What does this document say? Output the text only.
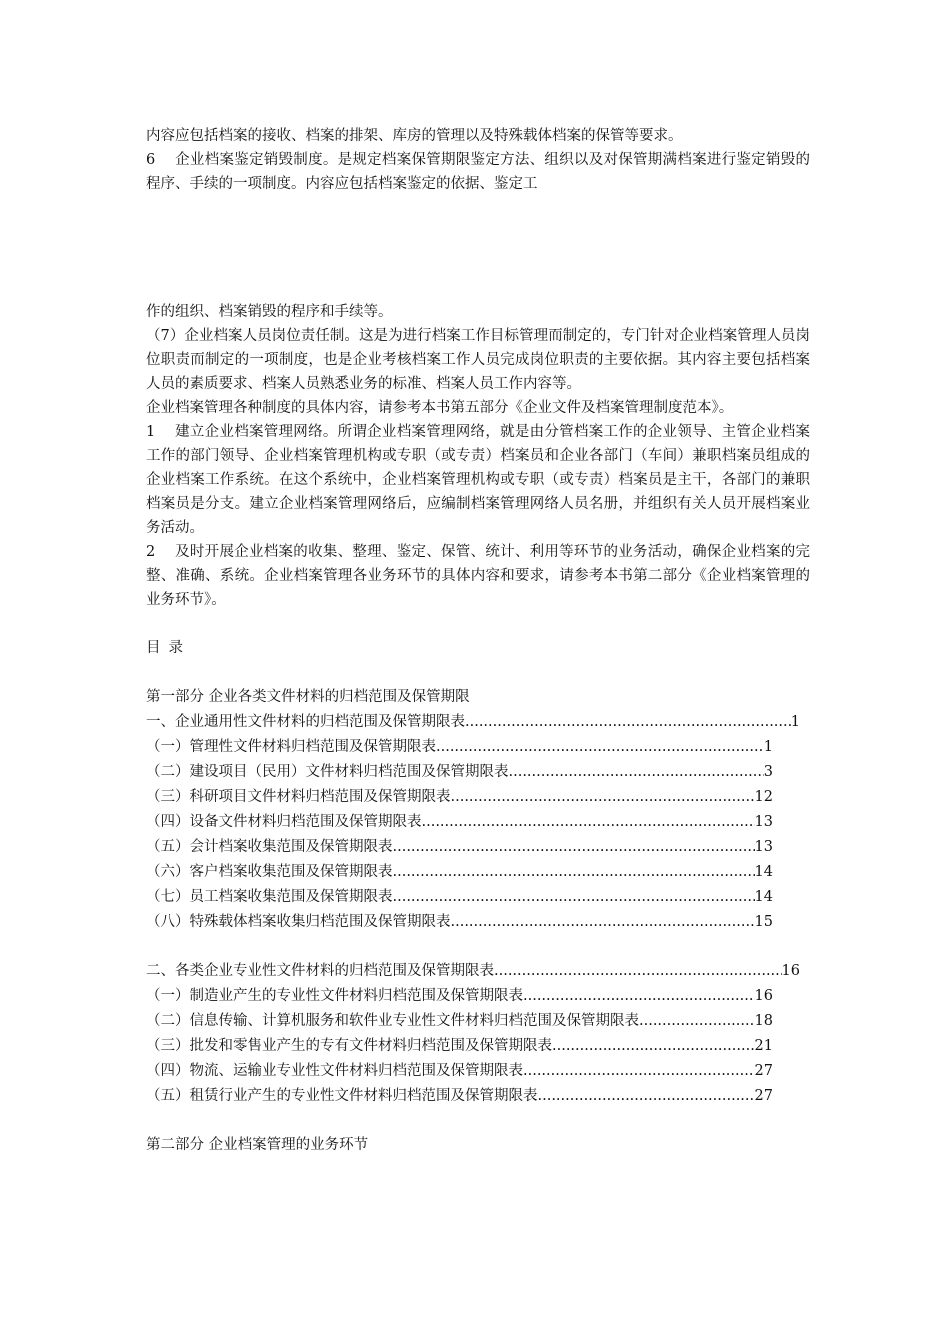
内容应包括档案的接收、档案的排架、库房的管理以及特殊载体档案的保管等要求。

6　 企业档案鉴定销毁制度。是规定档案保管期限鉴定方法、组织以及对保管期满档案进行鉴定销毁的程序、手续的一项制度。内容应包括档案鉴定的依据、鉴定工

作的组织、档案销毁的程序和手续等。

（7）企业档案人员岗位责任制。这是为进行档案工作目标管理而制定的，专门针对企业档案管理人员岗位职责而制定的一项制度，也是企业考核档案工作人员完成岗位职责的主要依据。其内容主要包括档案人员的素质要求、档案人员熟悉业务的标准、档案人员工作内容等。

企业档案管理各种制度的具体内容，请参考本书第五部分《企业文件及档案管理制度范本》。

1　 建立企业档案管理网络。所谓企业档案管理网络，就是由分管档案工作的企业领导、主管企业档案工作的部门领导、企业档案管理机构或专职（或专责）档案员和企业各部门（车间）兼职档案员组成的企业档案工作系统。在这个系统中，企业档案管理机构或专职（或专责）档案员是主干，各部门的兼职档案员是分支。建立企业档案管理网络后，应编制档案管理网络人员名册，并组织有关人员开展档案业务活动。

2　 及时开展企业档案的收集、整理、鉴定、保管、统计、利用等环节的业务活动，确保企业档案的完整、准确、系统。企业档案管理各业务环节的具体内容和要求，请参考本书第二部分《企业档案管理的业务环节》。

目录
第一部分 企业各类文件材料的归档范围及保管期限
一、企业通用性文件材料的归档范围及保管期限表 .....	1
（一）管理性文件材料归档范围及保管期限表 .....	1
（二）建设项目（民用）文件材料归档范围及保管期限表 .....	3
（三）科研项目文件材料归档范围及保管期限表 .....	12
（四）设备文件材料归档范围及保管期限表 .....	13
（五）会计档案收集范围及保管期限表 .....	13
（六）客户档案收集范围及保管期限表 .....	14
（七）员工档案收集范围及保管期限表 .....	14
（八）特殊载体档案收集归档范围及保管期限表 .....	15
二、各类企业专业性文件材料的归档范围及保管期限表 .....	16
（一）制造业产生的专业性文件材料归档范围及保管期限表 .....	16
（二）信息传输、计算机服务和软件业专业性文件材料归档范围及保管期限表 .....	18
（三）批发和零售业产生的专有文件材料归档范围及保管期限表 .....	21
（四）物流、运输业专业性文件材料归档范围及保管期限表 .....	27
（五）租赁行业产生的专业性文件材料归档范围及保管期限表 .....	27
第二部分 企业档案管理的业务环节
